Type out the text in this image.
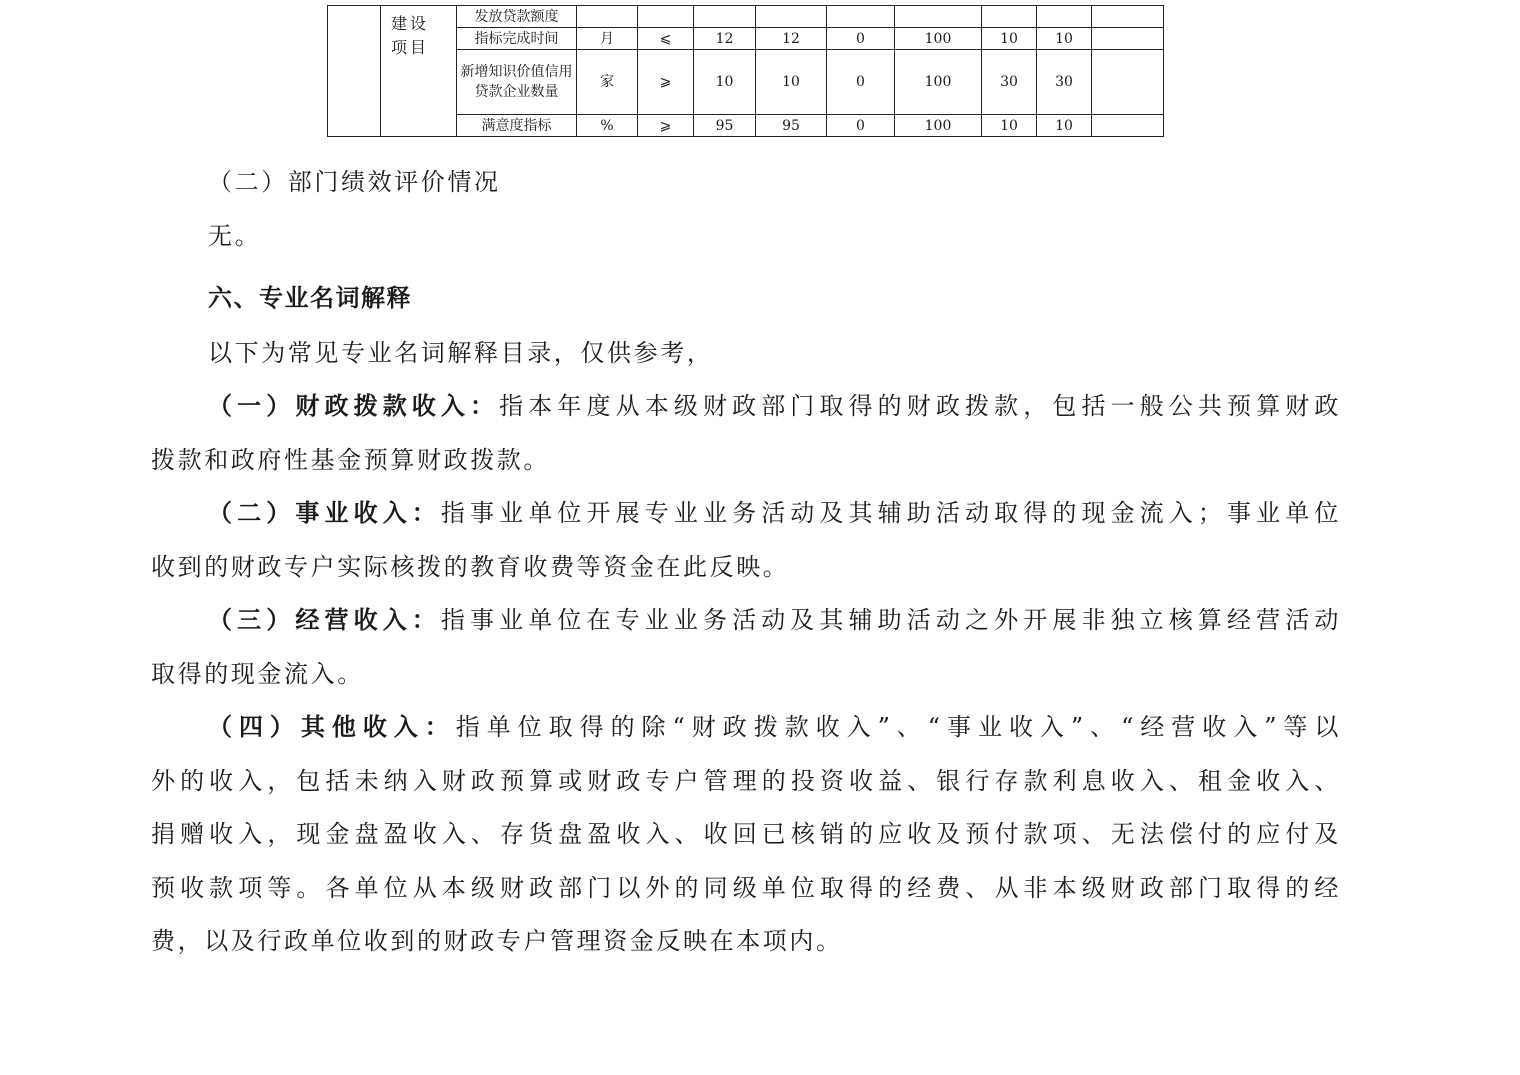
	建设项目	发放贷款额度									
		指标完成时间	月	⩽	12	12	0	100	10	10	
		新增知识价值信用贷款企业数量	家	⩾	10	10	0	100	30	30	
		满意度指标	%	⩾	95	95	0	100	10	10	
（二）部门绩效评价情况
无。
六、专业名词解释
以下为常见专业名词解释目录，仅供参考，
（一）财政拨款收入：指本年度从本级财政部门取得的财政拨款，包括一般公共预算财政
拨款和政府性基金预算财政拨款。
（二）事业收入：指事业单位开展专业业务活动及其辅助活动取得的现金流入；事业单位
收到的财政专户实际核拨的教育收费等资金在此反映。
（三）经营收入：指事业单位在专业业务活动及其辅助活动之外开展非独立核算经营活动
取得的现金流入。
（四）其他收入：指单位取得的除“财政拨款收入”、“事业收入”、“经营收入”等以
外的收入，包括未纳入财政预算或财政专户管理的投资收益、银行存款利息收入、租金收入、
捐赠收入，现金盘盈收入、存货盘盈收入、收回已核销的应收及预付款项、无法偿付的应付及
预收款项等。各单位从本级财政部门以外的同级单位取得的经费、从非本级财政部门取得的经
费，以及行政单位收到的财政专户管理资金反映在本项内。
